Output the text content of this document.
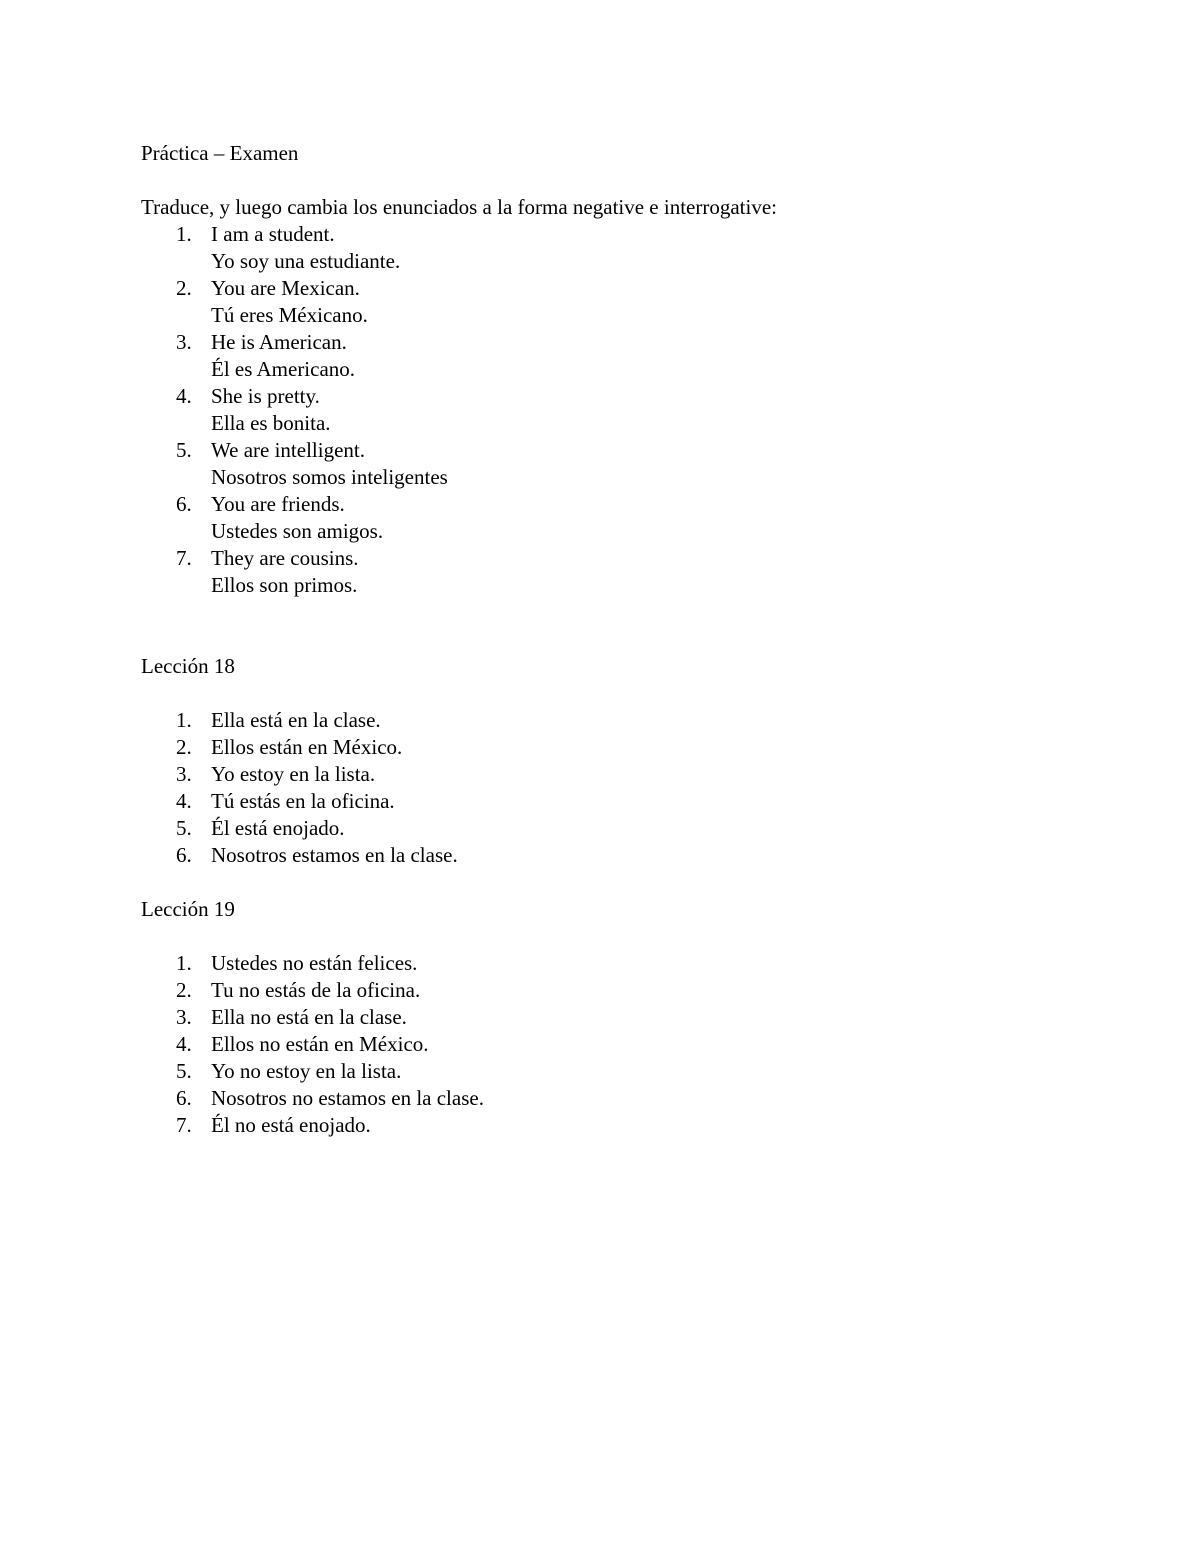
Práctica – Examen
Traduce, y luego cambia los enunciados a la forma negative e interrogative:
1. I am a student.
Yo soy una estudiante.
2. You are Mexican.
Tú eres Méxicano.
3. He is American.
Él es Americano.
4. She is pretty.
Ella es bonita.
5. We are intelligent.
Nosotros somos inteligentes
6. You are friends.
Ustedes son amigos.
7. They are cousins.
Ellos son primos.
Lección 18
1. Ella está en la clase.
2. Ellos están en México.
3. Yo estoy en la lista.
4. Tú estás en la oficina.
5. Él está enojado.
6. Nosotros estamos en la clase.
Lección 19
1. Ustedes no están felices.
2. Tu no estás de la oficina.
3. Ella no está en la clase.
4. Ellos no están en México.
5. Yo no estoy en la lista.
6. Nosotros no estamos en la clase.
7. Él no está enojado.
